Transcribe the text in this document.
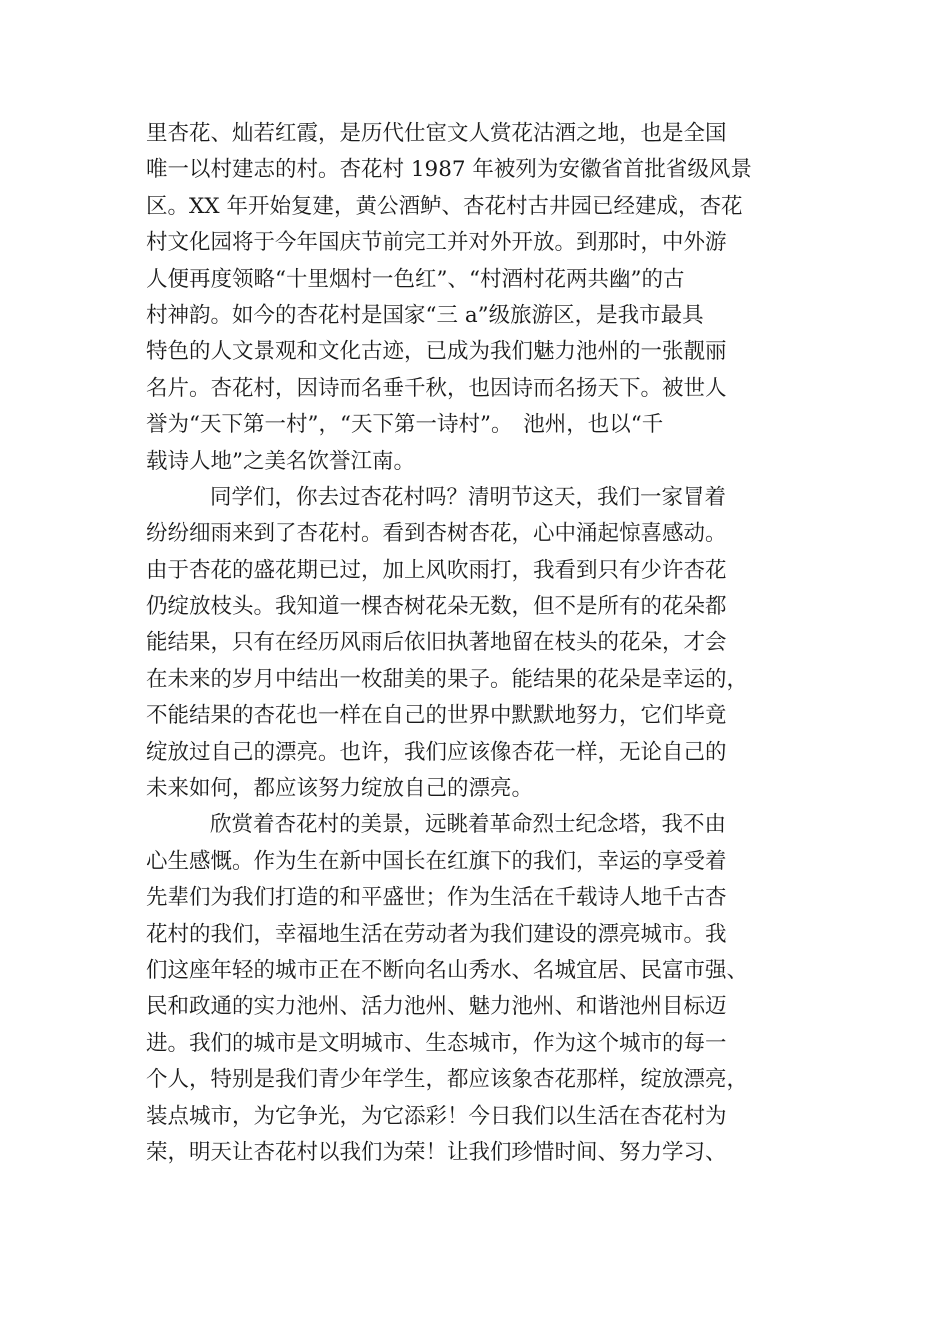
里杏花、灿若红霞，是历代仕宦文人赏花沽酒之地，也是全国
唯一以村建志的村。杏花村 1987 年被列为安徽省首批省级风景
区。XX 年开始复建，黄公酒鲈、杏花村古井园已经建成，杏花
村文化园将于今年国庆节前完工并对外开放。到那时，中外游
人便再度领略“十里烟村一色红”、“村酒村花两共幽”的古
村神韵。如今的杏花村是国家“三 a”级旅游区，是我市最具
特色的人文景观和文化古迹，已成为我们魅力池州的一张靓丽
名片。杏花村，因诗而名垂千秋，也因诗而名扬天下。被世人
誉为“天下第一村”，“天下第一诗村”。　池州，也以“千
载诗人地”之美名饮誉江南。
同学们，你去过杏花村吗？清明节这天，我们一家冒着
纷纷细雨来到了杏花村。看到杏树杏花，心中涌起惊喜感动。
由于杏花的盛花期已过，加上风吹雨打，我看到只有少许杏花
仍绽放枝头。我知道一棵杏树花朵无数，但不是所有的花朵都
能结果，只有在经历风雨后依旧执著地留在枝头的花朵，才会
在未来的岁月中结出一枚甜美的果子。能结果的花朵是幸运的，
不能结果的杏花也一样在自己的世界中默默地努力，它们毕竟
绽放过自己的漂亮。也许，我们应该像杏花一样，无论自己的
未来如何，都应该努力绽放自己的漂亮。
欣赏着杏花村的美景，远眺着革命烈士纪念塔，我不由
心生感慨。作为生在新中国长在红旗下的我们，幸运的享受着
先辈们为我们打造的和平盛世；作为生活在千载诗人地千古杏
花村的我们，幸福地生活在劳动者为我们建设的漂亮城市。我
们这座年轻的城市正在不断向名山秀水、名城宜居、民富市强、
民和政通的实力池州、活力池州、魅力池州、和谐池州目标迈
进。我们的城市是文明城市、生态城市，作为这个城市的每一
个人，特别是我们青少年学生，都应该象杏花那样，绽放漂亮，
装点城市，为它争光，为它添彩！今日我们以生活在杏花村为
荣，明天让杏花村以我们为荣！让我们珍惜时间、努力学习、
